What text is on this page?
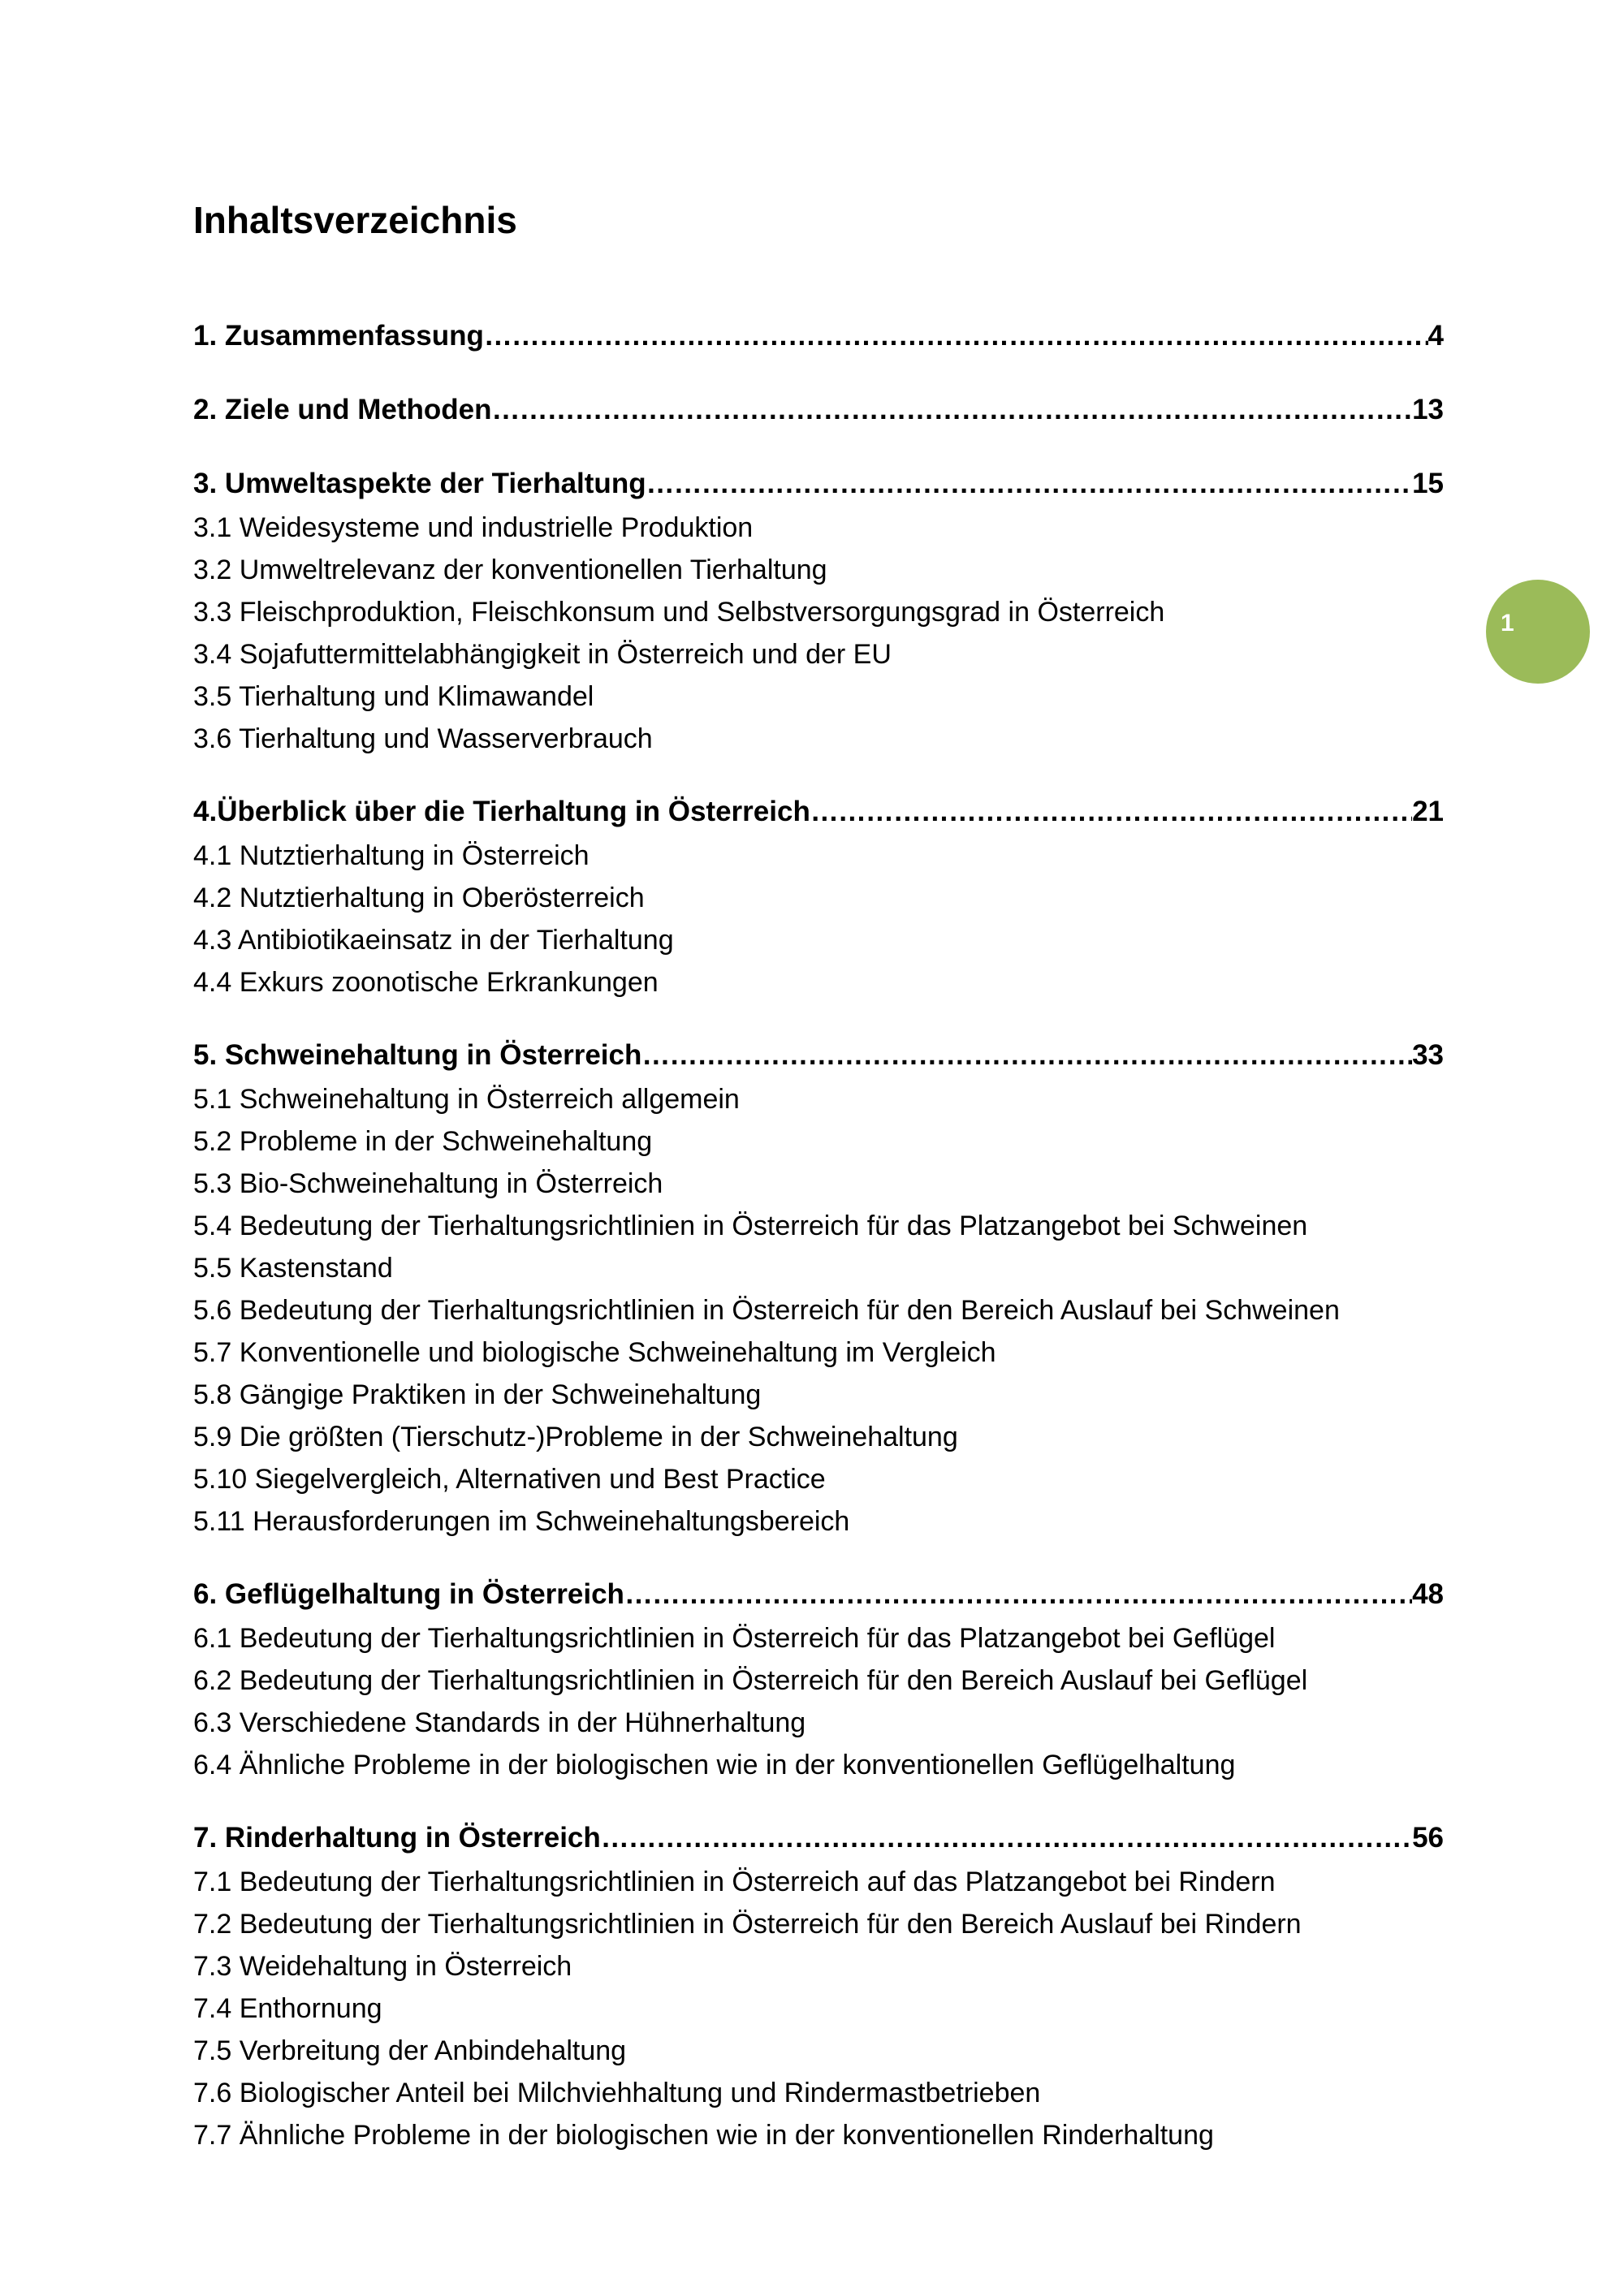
Inhaltsverzeichnis
1. Zusammenfassung ………………………………………………………………………………………………………………………………………………………………………………………………………………	4
2. Ziele und Methoden ………………………………………………………………………………………………………………………………………………………………………………………………………………	13
3. Umweltaspekte der Tierhaltung ………………………………………………………………………………………………………………………………………………………………………………………………………………	15
3.1 Weidesysteme und industrielle Produktion
3.2 Umweltrelevanz der konventionellen Tierhaltung
3.3 Fleischproduktion, Fleischkonsum und Selbstversorgungsgrad in Österreich
3.4 Sojafuttermittelabhängigkeit in Österreich und der EU
3.5 Tierhaltung und Klimawandel
3.6 Tierhaltung und Wasserverbrauch
4.Überblick über die Tierhaltung in Österreich ………………………………………………………………………………………………………………………………………………………………………………………………………………	21
4.1 Nutztierhaltung in Österreich
4.2 Nutztierhaltung in Oberösterreich
4.3 Antibiotikaeinsatz in der Tierhaltung
4.4 Exkurs zoonotische Erkrankungen
5. Schweinehaltung in Österreich ………………………………………………………………………………………………………………………………………………………………………………………………………………	33
5.1 Schweinehaltung in Österreich allgemein
5.2 Probleme in der Schweinehaltung
5.3 Bio-Schweinehaltung in Österreich
5.4 Bedeutung der Tierhaltungsrichtlinien in Österreich für das Platzangebot bei Schweinen
5.5 Kastenstand
5.6 Bedeutung der Tierhaltungsrichtlinien in Österreich für den Bereich Auslauf bei Schweinen
5.7 Konventionelle und biologische Schweinehaltung im Vergleich
5.8 Gängige Praktiken in der Schweinehaltung
5.9 Die größten (Tierschutz-)Probleme in der Schweinehaltung
5.10 Siegelvergleich, Alternativen und Best Practice
5.11 Herausforderungen im Schweinehaltungsbereich
6. Geflügelhaltung in Österreich ………………………………………………………………………………………………………………………………………………………………………………………………………………	48
6.1 Bedeutung der Tierhaltungsrichtlinien in Österreich für das Platzangebot bei Geflügel
6.2 Bedeutung der Tierhaltungsrichtlinien in Österreich für den Bereich Auslauf bei Geflügel
6.3 Verschiedene Standards in der Hühnerhaltung
6.4 Ähnliche Probleme in der biologischen wie in der konventionellen Geflügelhaltung
7. Rinderhaltung in Österreich ………………………………………………………………………………………………………………………………………………………………………………………………………………	56
7.1 Bedeutung der Tierhaltungsrichtlinien in Österreich auf das Platzangebot bei Rindern
7.2 Bedeutung der Tierhaltungsrichtlinien in Österreich für den Bereich Auslauf bei Rindern
7.3 Weidehaltung in Österreich
7.4 Enthornung
7.5 Verbreitung der Anbindehaltung
7.6 Biologischer Anteil bei Milchviehhaltung und Rindermastbetrieben
7.7 Ähnliche Probleme in der biologischen wie in der konventionellen Rinderhaltung
1
